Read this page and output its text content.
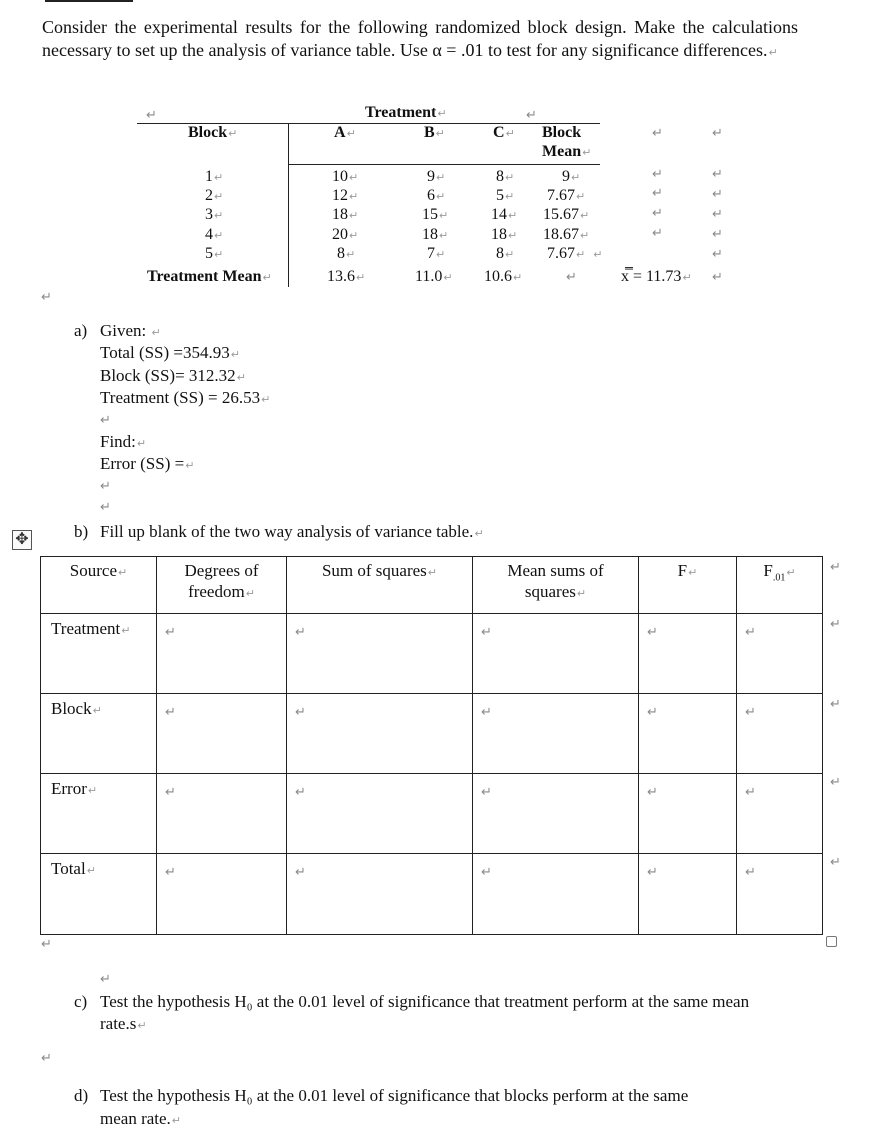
Consider the experimental results for the following randomized block design. Make the calculations necessary to set up the analysis of variance table. Use α = .01 to test for any significance differences.↵
↵	Treatment↵	↵
Block↵	A↵	B↵	C↵ Block
Mean↵
1↵	10↵	9↵	8↵	9↵
2↵	12↵	6↵	5↵ 7.67↵
3↵	18↵	15↵	14↵ 15.67↵
4↵	20↵	18↵	18↵ 18.67↵
5↵	8↵	7↵	8↵ 7.67↵ ↵
Treatment Mean↵	13.6↵	11.0↵ 10.6↵	↵	x̿ = 11.73↵
↵
↵
↵
↵
↵
↵
↵
↵
↵
↵
↵
↵
↵
a) Given: ↵
Total (SS) =354.93↵
Block (SS)= 312.32↵
Treatment (SS) = 26.53↵
↵
Find:↵
Error (SS) =↵
↵
↵
✥	b) Fill up blank of the two way analysis of variance table.↵
Source↵	Degrees of
freedom↵	Sum of squares↵	Mean sums of
squares↵	F↵	$F_{.01}↵$

Treatment↵	↵	↵	↵	↵	↵

Block↵	↵	↵	↵	↵	↵

Error↵	↵	↵	↵	↵	↵

Total↵	↵	↵	↵	↵	↵
↵
↵
↵
↵
↵
↵
↵
c) Test the hypothesis H₀ at the 0.01 level of significance that treatment perform at the same mean
rate.s↵
↵
d) Test the hypothesis H₀ at the 0.01 level of significance that blocks perform at the same
mean rate.↵
